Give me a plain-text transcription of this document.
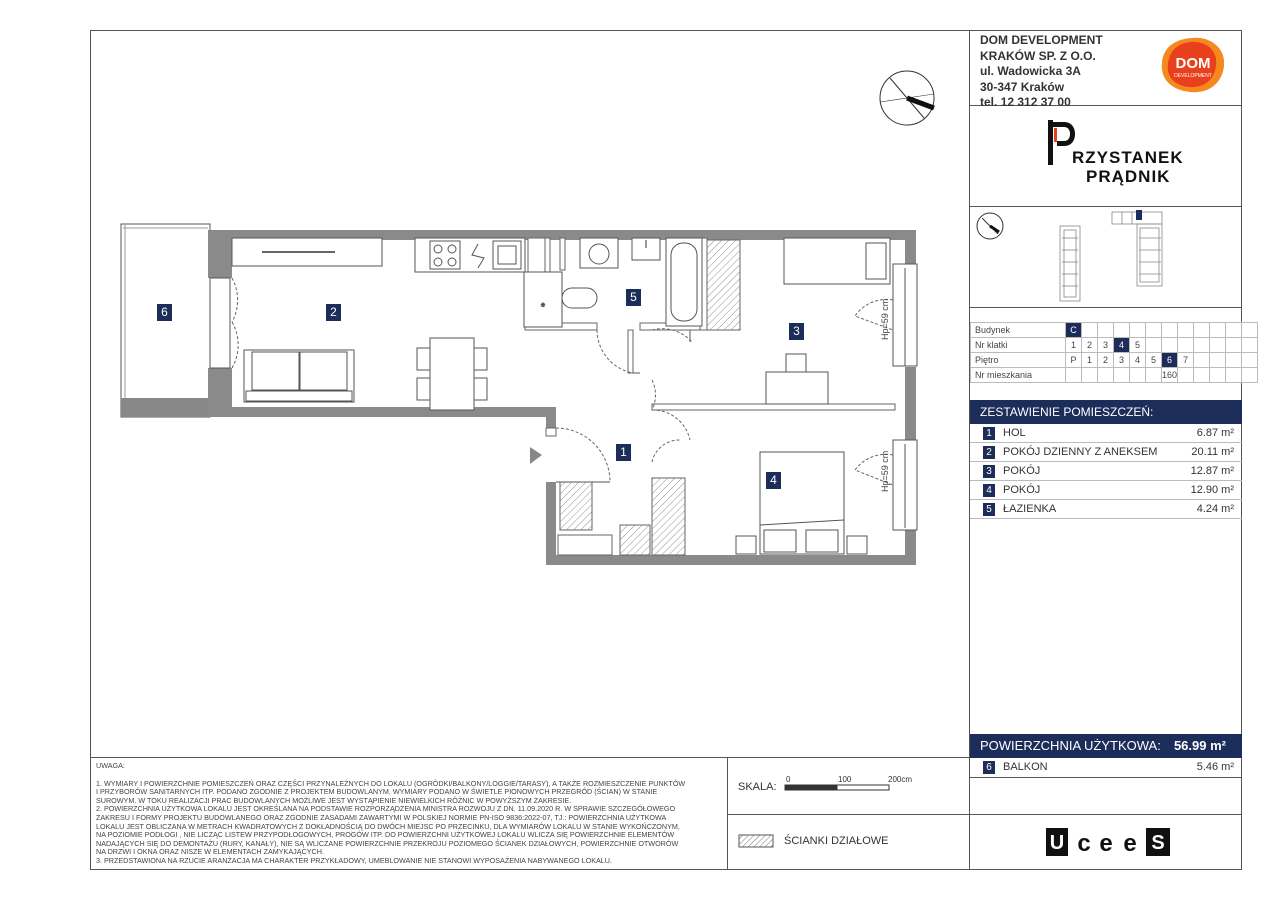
DOM DEVELOPMENT
KRAKÓW SP. Z O.O.
ul. Wadowicka 3A
30-347 Kraków
tel. 12 312 37 00
DOM
DEVELOPMENT
RZYSTANEK
PRĄDNIK
Budynek	C											
Nr klatki	1	2	3	4	5							
Piętro	P	1	2	3	4	5	6	7				
Nr mieszkania							160					
ZESTAWIENIE POMIESZCZEŃ:
1 HOL	6.87 m²
2 POKÓJ DZIENNY Z ANEKSEM	20.11 m²
3 POKÓJ	12.87 m²
4 POKÓJ	12.90 m²
5 ŁAZIENKA	4.24 m²
POWIERZCHNIA UŻYTKOWA: 56.99 m²
6 BALKON	5.46 m²
UWAGA:
1. WYMIARY I POWIERZCHNIE POMIESZCZEŃ ORAZ CZĘŚCI PRZYNALEŻNYCH DO LOKALU (OGRÓDKI/BALKONY/LOGGIE/TARASY), A TAKŻE ROZMIESZCZENIE PUNKTÓW
I PRZYBORÓW SANITARNYCH ITP. PODANO ZGODNIE Z PROJEKTEM BUDOWLANYM. WYMIARY PODANO W ŚWIETLE PIONOWYCH PRZEGRÓD (ŚCIAN) W STANIE
SUROWYM. W TOKU REALIZACJI PRAC BUDOWLANYCH MOŻLIWE JEST WYSTĄPIENIE NIEWIELKICH RÓŻNIC W POWYŻSZYM ZAKRESIE.
2. POWIERZCHNIA UŻYTKOWA LOKALU JEST OKREŚLANA NA PODSTAWIE ROZPORZĄDZENIA MINISTRA ROZWOJU Z DN. 11.09.2020 R. W SPRAWIE SZCZEGÓŁOWEGO
ZAKRESU I FORMY PROJEKTU BUDOWLANEGO ORAZ ZGODNIE ZASADAMI ZAWARTYMI W POLSKIEJ NORMIE PN-ISO 9836:2022-07, TJ.: POWIERZCHNIA UŻYTKOWA
LOKALU JEST OBLICZANA W METRACH KWADRATOWYCH Z DOKŁADNOŚCIĄ DO DWÓCH MIEJSC PO PRZECINKU, DLA WYMIARÓW LOKALU W STANIE WYKOŃCZONYM,
NA POZIOMIE PODŁOGI , NIE LICZĄC LISTEW PRZYPODŁOGOWYCH, PROGÓW ITP. DO POWIERZCHNI UŻYTKOWEJ LOKALU WLICZA SIĘ POWIERZCHNIE ELEMENTÓW
NADAJĄCYCH SIĘ DO DEMONTAŻU (RURY, KANAŁY), NIE SĄ WLICZANE POWIERZCHNIE PRZEKROJU POZIOMEGO ŚCIANEK DZIAŁOWYCH, POWIERZCHNIE OTWORÓW
NA DRZWI I OKNA ORAZ NISZE W ELEMENTACH ZAMYKAJĄCYCH.
3. PRZEDSTAWIONA NA RZUCIE ARANŻACJA MA CHARAKTER PRZYKŁADOWY, UMEBLOWANIE NIE STANOWI WYPOSAŻENIA NABYWANEGO LOKALU.
SKALA:
0	100	200cm
ŚCIANKI DZIAŁOWE	U c e e S
*	Hp=59 cm
Hp=59 cm
1
2
3
4
5
6
